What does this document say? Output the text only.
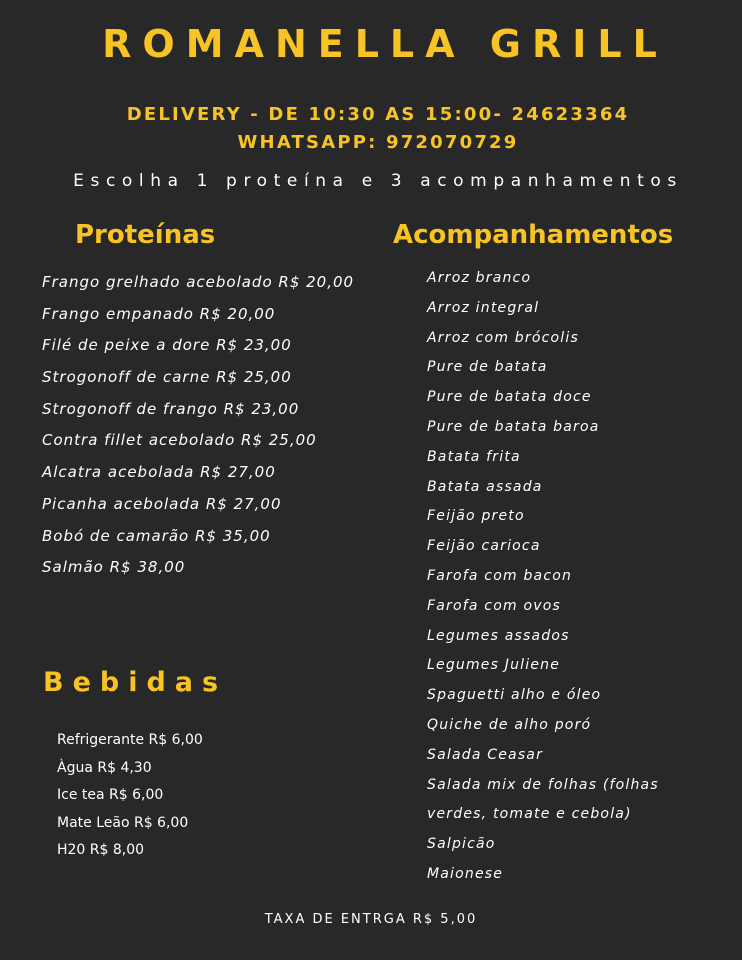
ROMANELLA GRILL
DELIVERY - DE 10:30 AS 15:00- 24623364
WHATSAPP: 972070729
Escolha 1 proteína e 3 acompanhamentos
Proteínas
Frango grelhado acebolado R$ 20,00
Frango empanado R$ 20,00
Filé de peixe a dore R$ 23,00
Strogonoff de carne R$ 25,00
Strogonoff de frango R$ 23,00
Contra fillet acebolado R$ 25,00
Alcatra acebolada R$ 27,00
Picanha acebolada R$ 27,00
Bobó de camarão R$ 35,00
Salmão R$ 38,00
Acompanhamentos
Arroz branco
Arroz integral
Arroz com brócolis
Pure de batata
Pure de batata doce
Pure de batata baroa
Batata frita
Batata assada
Feijão preto
Feijão carioca
Farofa com bacon
Farofa com ovos
Legumes assados
Legumes Juliene
Spaguetti alho e óleo
Quiche de alho poró
Salada Ceasar
Salada mix de folhas (folhas
verdes, tomate e cebola)
Salpicão
Maionese
Bebidas
Refrigerante R$ 6,00
Àgua R$ 4,30
Ice tea R$ 6,00
Mate Leão R$ 6,00
H20 R$ 8,00
TAXA DE ENTRGA R$ 5,00
